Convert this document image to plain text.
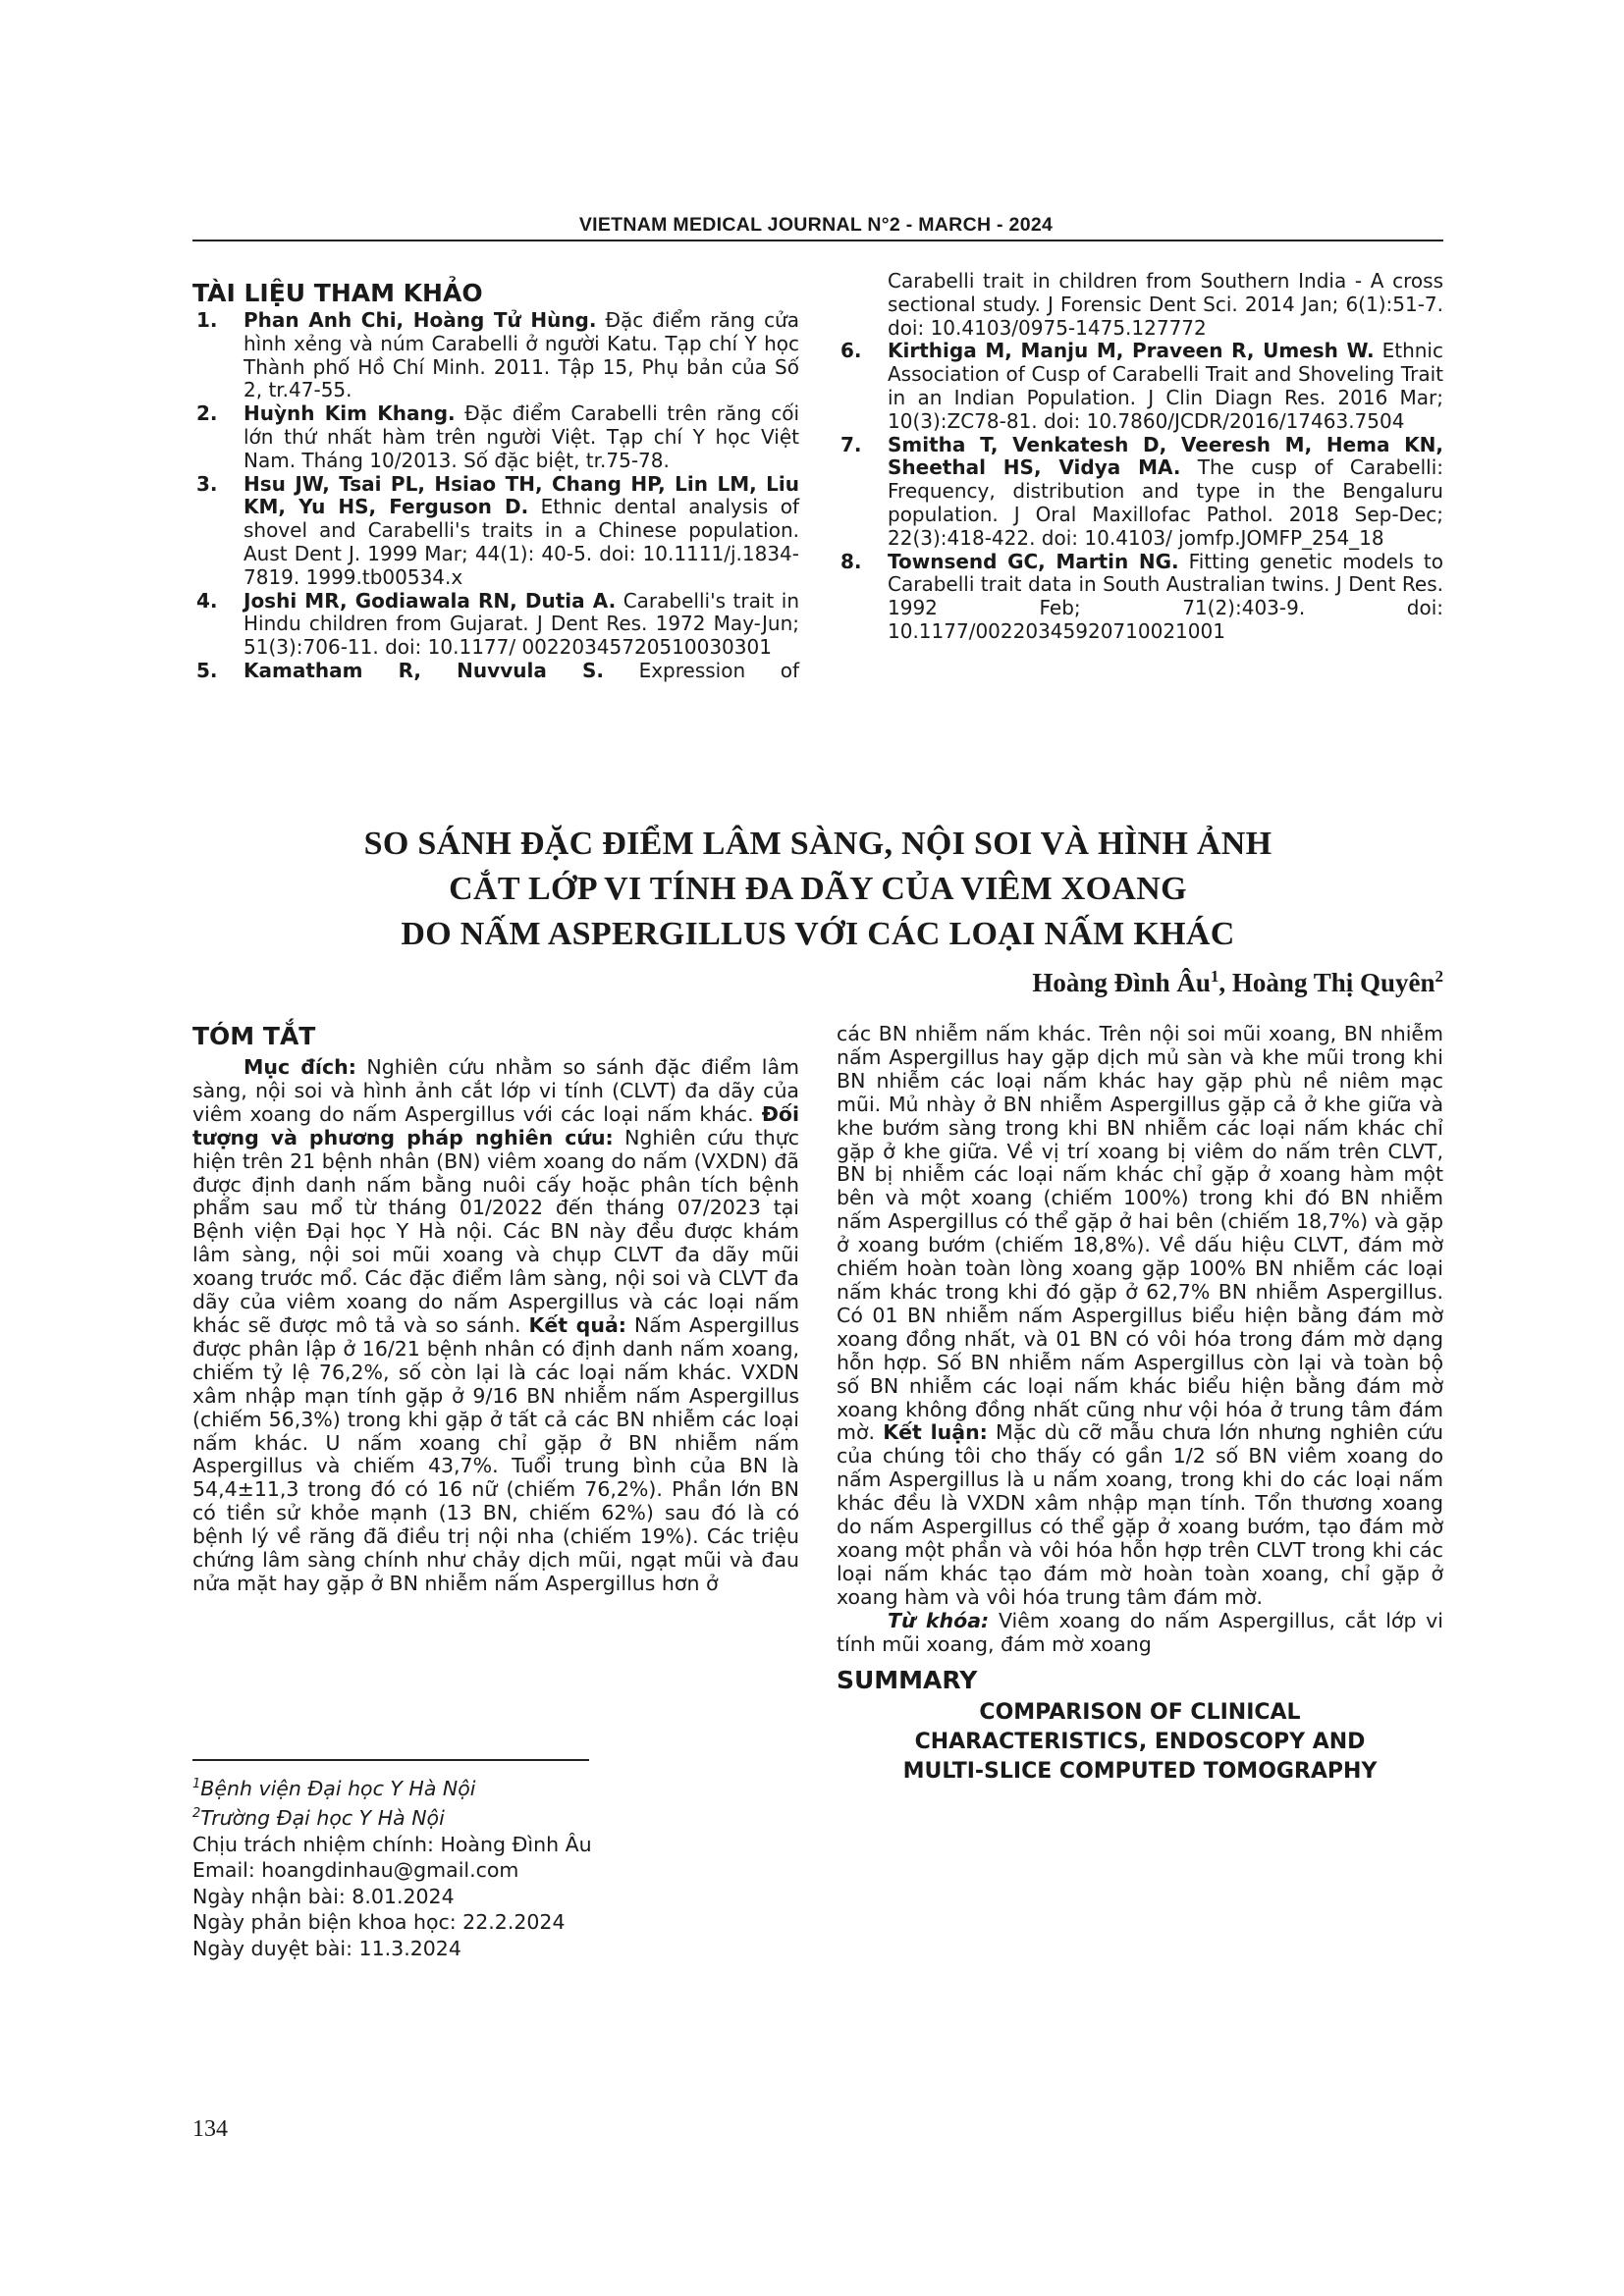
VIETNAM MEDICAL JOURNAL N°2 - MARCH - 2024
TÀI LIỆU THAM KHẢO

1. Phan Anh Chi, Hoàng Tử Hùng. Đặc điểm răng cửa hình xẻng và núm Carabelli ở người Katu. Tạp chí Y học Thành phố Hồ Chí Minh. 2011. Tập 15, Phụ bản của Số 2, tr.47-55.

2. Huỳnh Kim Khang. Đặc điểm Carabelli trên răng cối lớn thứ nhất hàm trên người Việt. Tạp chí Y học Việt Nam. Tháng 10/2013. Số đặc biệt, tr.75-78.

3. Hsu JW, Tsai PL, Hsiao TH, Chang HP, Lin LM, Liu KM, Yu HS, Ferguson D. Ethnic dental analysis of shovel and Carabelli's traits in a Chinese population. Aust Dent J. 1999 Mar; 44(1): 40-5. doi: 10.1111/j.1834-7819. 1999.tb00534.x

4. Joshi MR, Godiawala RN, Dutia A. Carabelli's trait in Hindu children from Gujarat. J Dent Res. 1972 May-Jun; 51(3):706-11. doi: 10.1177/ 00220345720510030301

5. Kamatham R, Nuvvula S. Expression of

Carabelli trait in children from Southern India - A cross sectional study. J Forensic Dent Sci. 2014 Jan; 6(1):51-7. doi: 10.4103/0975-1475.127772

6. Kirthiga M, Manju M, Praveen R, Umesh W. Ethnic Association of Cusp of Carabelli Trait and Shoveling Trait in an Indian Population. J Clin Diagn Res. 2016 Mar; 10(3):ZC78-81. doi: 10.7860/JCDR/2016/17463.7504

7. Smitha T, Venkatesh D, Veeresh M, Hema KN, Sheethal HS, Vidya MA. The cusp of Carabelli: Frequency, distribution and type in the Bengaluru population. J Oral Maxillofac Pathol. 2018 Sep-Dec; 22(3):418-422. doi: 10.4103/ jomfp.JOMFP_254_18

8. Townsend GC, Martin NG. Fitting genetic models to Carabelli trait data in South Australian twins. J Dent Res. 1992 Feb; 71(2):403-9. doi: 10.1177/00220345920710021001

SO SÁNH ĐẶC ĐIỂM LÂM SÀNG, NỘI SOI VÀ HÌNH ẢNH
CẮT LỚP VI TÍNH ĐA DÃY CỦA VIÊM XOANG
DO NẤM ASPERGILLUS VỚI CÁC LOẠI NẤM KHÁC
Hoàng Đình $Âu^1$, Hoàng Thị Quyên$^2$
TÓM TẮT

Mục đích: Nghiên cứu nhằm so sánh đặc điểm lâm sàng, nội soi và hình ảnh cắt lớp vi tính (CLVT) đa dãy của viêm xoang do nấm Aspergillus với các loại nấm khác. Đối tượng và phương pháp nghiên cứu: Nghiên cứu thực hiện trên 21 bệnh nhân (BN) viêm xoang do nấm (VXDN) đã được định danh nấm bằng nuôi cấy hoặc phân tích bệnh phẩm sau mổ từ tháng 01/2022 đến tháng 07/2023 tại Bệnh viện Đại học Y Hà nội. Các BN này đều được khám lâm sàng, nội soi mũi xoang và chụp CLVT đa dãy mũi xoang trước mổ. Các đặc điểm lâm sàng, nội soi và CLVT đa dãy của viêm xoang do nấm Aspergillus và các loại nấm khác sẽ được mô tả và so sánh. Kết quả: Nấm Aspergillus được phân lập ở 16/21 bệnh nhân có định danh nấm xoang, chiếm tỷ lệ 76,2%, số còn lại là các loại nấm khác. VXDN xâm nhập mạn tính gặp ở 9/16 BN nhiễm nấm Aspergillus (chiếm 56,3%) trong khi gặp ở tất cả các BN nhiễm các loại nấm khác. U nấm xoang chỉ gặp ở BN nhiễm nấm Aspergillus và chiếm 43,7%. Tuổi trung bình của BN là 54,4±11,3 trong đó có 16 nữ (chiếm 76,2%). Phần lớn BN có tiền sử khỏe mạnh (13 BN, chiếm 62%) sau đó là có bệnh lý về răng đã điều trị nội nha (chiếm 19%). Các triệu chứng lâm sàng chính như chảy dịch mũi, ngạt mũi và đau nửa mặt hay gặp ở BN nhiễm nấm Aspergillus hơn ở

$^1$Bệnh viện Đại học Y Hà Nội
$^2$Trường Đại học Y Hà Nội
Chịu trách nhiệm chính: Hoàng Đình Âu
Email: hoangdinhau@gmail.com
Ngày nhận bài: 8.01.2024
Ngày phản biện khoa học: 22.2.2024
Ngày duyệt bài: 11.3.2024

các BN nhiễm nấm khác. Trên nội soi mũi xoang, BN nhiễm nấm Aspergillus hay gặp dịch mủ sàn và khe mũi trong khi BN nhiễm các loại nấm khác hay gặp phù nề niêm mạc mũi. Mủ nhày ở BN nhiễm Aspergillus gặp cả ở khe giữa và khe bướm sàng trong khi BN nhiễm các loại nấm khác chỉ gặp ở khe giữa. Về vị trí xoang bị viêm do nấm trên CLVT, BN bị nhiễm các loại nấm khác chỉ gặp ở xoang hàm một bên và một xoang (chiếm 100%) trong khi đó BN nhiễm nấm Aspergillus có thể gặp ở hai bên (chiếm 18,7%) và gặp ở xoang bướm (chiếm 18,8%). Về dấu hiệu CLVT, đám mờ chiếm hoàn toàn lòng xoang gặp 100% BN nhiễm các loại nấm khác trong khi đó gặp ở 62,7% BN nhiễm Aspergillus. Có 01 BN nhiễm nấm Aspergillus biểu hiện bằng đám mờ xoang đồng nhất, và 01 BN có vôi hóa trong đám mờ dạng hỗn hợp. Số BN nhiễm nấm Aspergillus còn lại và toàn bộ số BN nhiễm các loại nấm khác biểu hiện bằng đám mờ xoang không đồng nhất cũng như vội hóa ở trung tâm đám mờ. Kết luận: Mặc dù cỡ mẫu chưa lớn nhưng nghiên cứu của chúng tôi cho thấy có gần 1/2 số BN viêm xoang do nấm Aspergillus là u nấm xoang, trong khi do các loại nấm khác đều là VXDN xâm nhập mạn tính. Tổn thương xoang do nấm Aspergillus có thể gặp ở xoang bướm, tạo đám mờ xoang một phần và vôi hóa hỗn hợp trên CLVT trong khi các loại nấm khác tạo đám mờ hoàn toàn xoang, chỉ gặp ở xoang hàm và vôi hóa trung tâm đám mờ.

Từ khóa: Viêm xoang do nấm Aspergillus, cắt lớp vi tính mũi xoang, đám mờ xoang

SUMMARY

COMPARISON OF CLINICAL

CHARACTERISTICS, ENDOSCOPY AND

MULTI-SLICE COMPUTED TOMOGRAPHY

134
